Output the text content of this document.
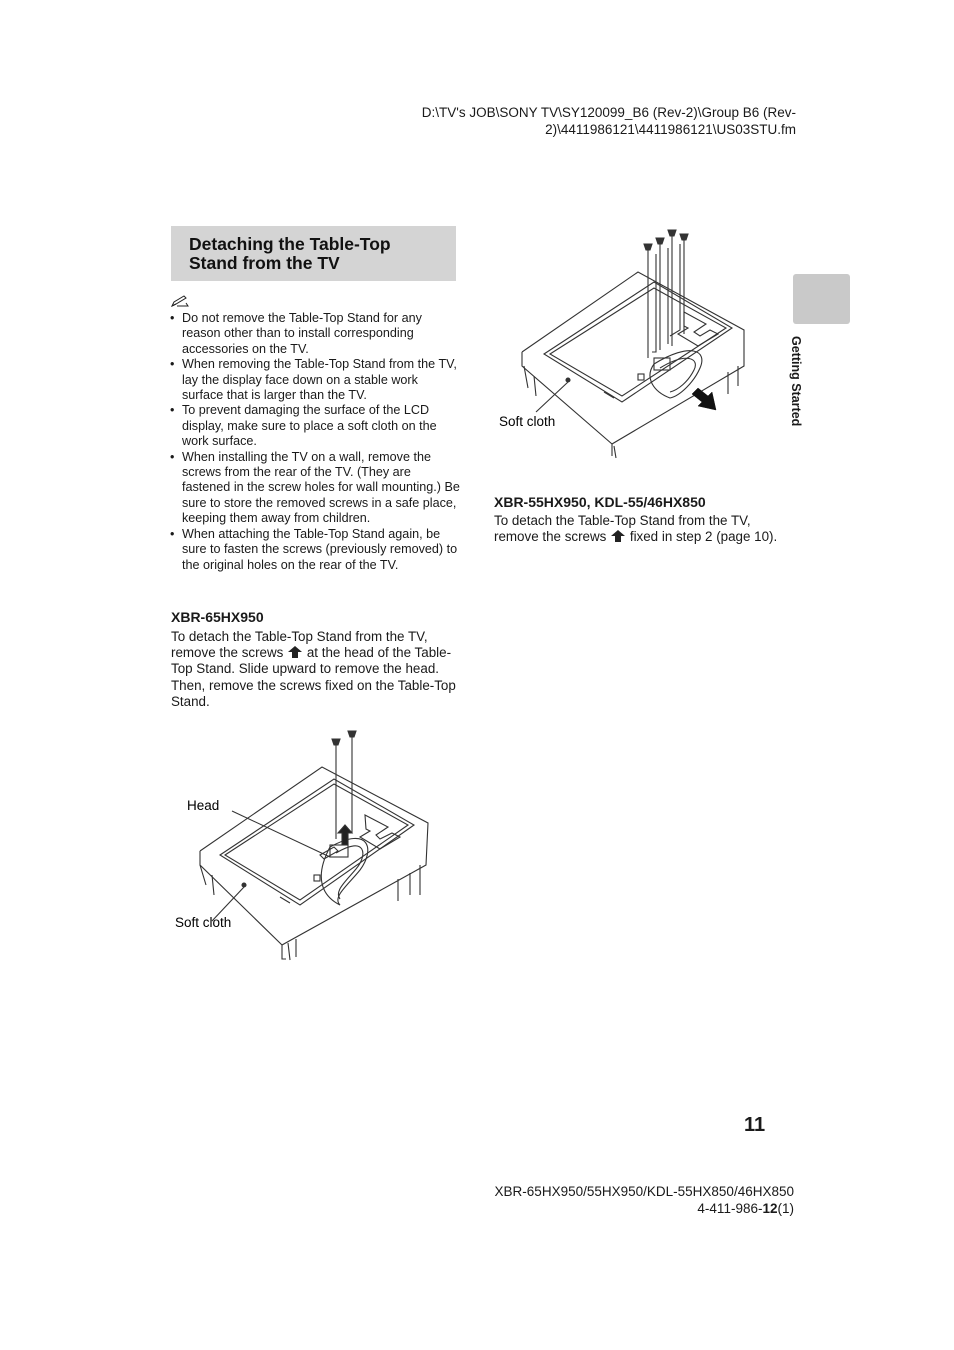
D:\TV's JOB\SONY TV\SY120099_B6 (Rev-2)\Group B6 (Rev-
2)\4411986121\4411986121\US03STU.fm
Detaching the Table-Top Stand from the TV
• Do not remove the Table-Top Stand for any reason other than to install corresponding accessories on the TV.
• When removing the Table-Top Stand from the TV, lay the display face down on a stable work surface that is larger than the TV.
• To prevent damaging the surface of the LCD display, make sure to place a soft cloth on the work surface.
• When installing the TV on a wall, remove the screws from the rear of the TV. (They are fastened in the screw holes for wall mounting.) Be sure to store the removed screws in a safe place, keeping them away from children.
• When attaching the Table-Top Stand again, be sure to fasten the screws (previously removed) to the original holes on the rear of the TV.
XBR-65HX950
To detach the Table-Top Stand from the TV, remove the screws at the head of the Table-Top Stand. Slide upward to remove the head. Then, remove the screws fixed on the Table-Top Stand.
Head
Soft cloth
Soft cloth
XBR-55HX950, KDL-55/46HX850
To detach the Table-Top Stand from the TV, remove the screws fixed in step 2 (page 10).
Getting Started
11
XBR-65HX950/55HX950/KDL-55HX850/46HX850
4-411-986-12(1)
